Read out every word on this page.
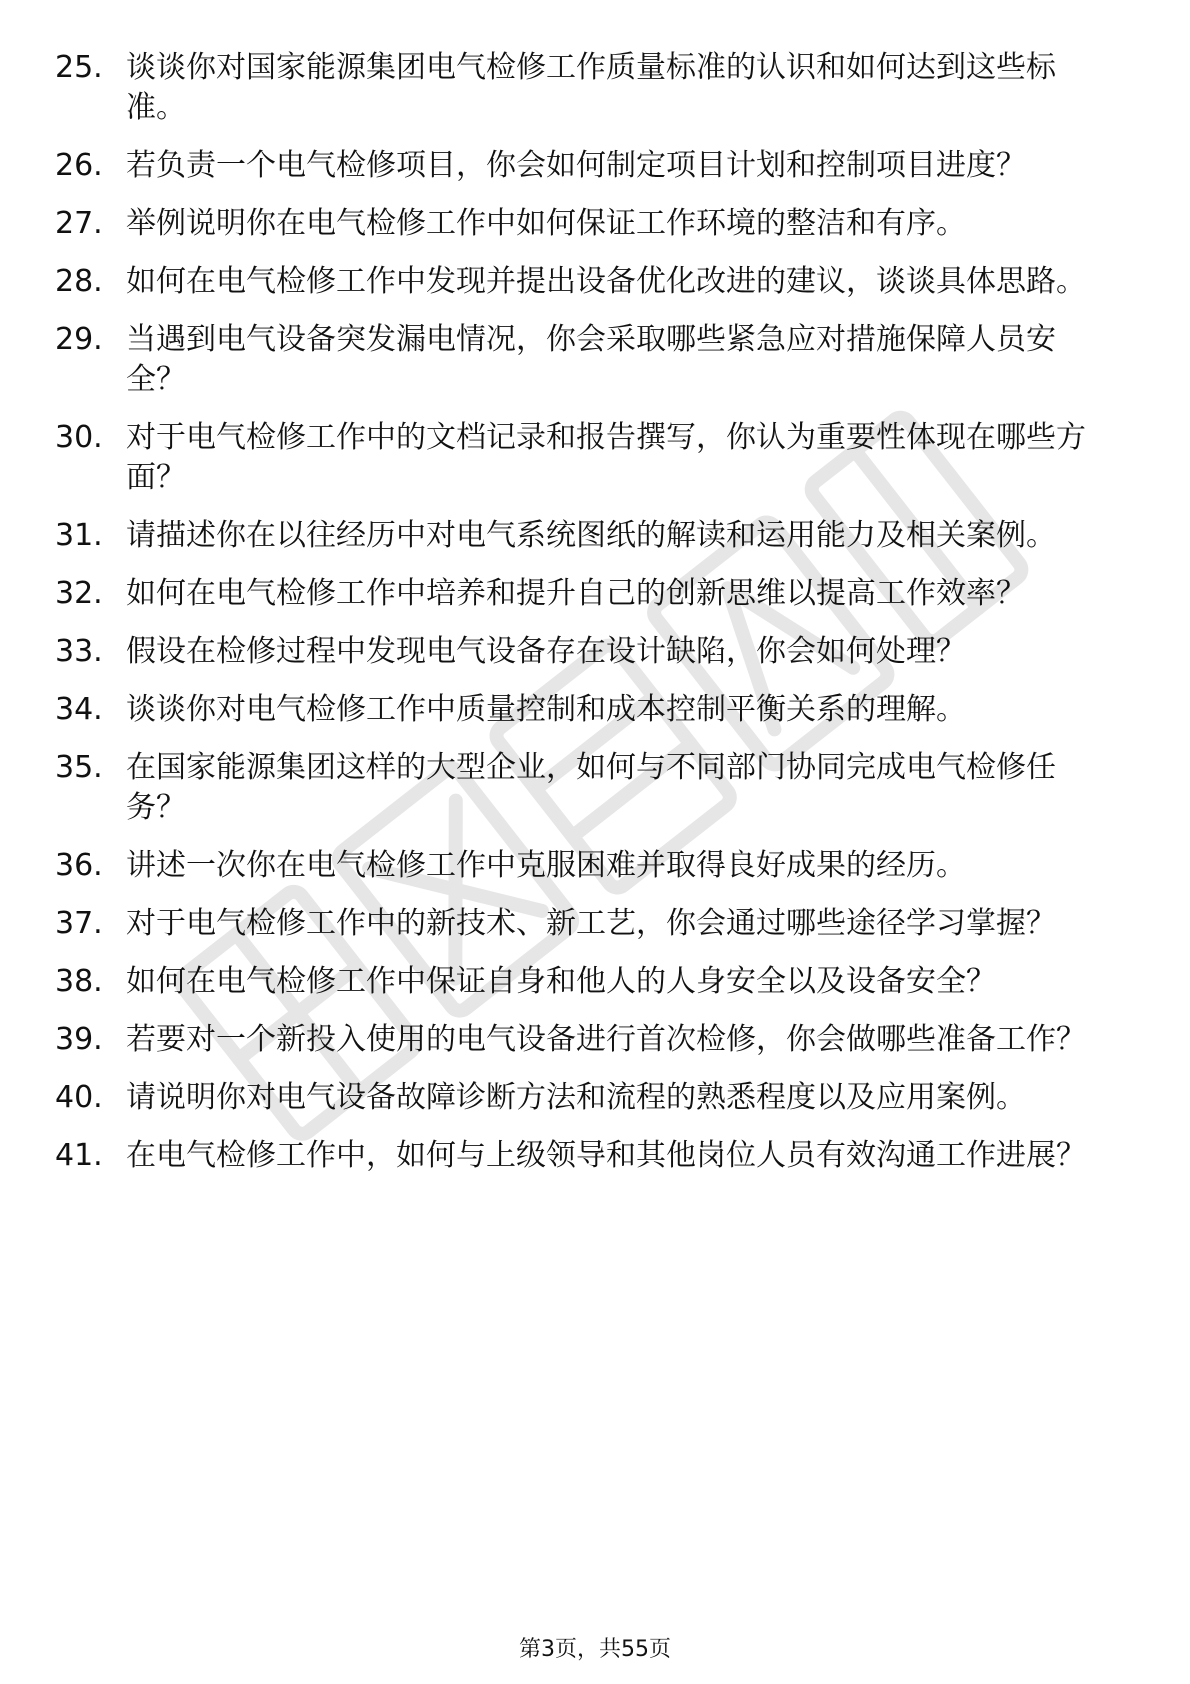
25. 谈谈你对国家能源集团电气检修工作质量标准的认识和如何达到这些标准。
26. 若负责一个电气检修项目，你会如何制定项目计划和控制项目进度？
27. 举例说明你在电气检修工作中如何保证工作环境的整洁和有序。
28. 如何在电气检修工作中发现并提出设备优化改进的建议，谈谈具体思路。
29. 当遇到电气设备突发漏电情况，你会采取哪些紧急应对措施保障人员安全？
30. 对于电气检修工作中的文档记录和报告撰写，你认为重要性体现在哪些方面？
31. 请描述你在以往经历中对电气系统图纸的解读和运用能力及相关案例。
32. 如何在电气检修工作中培养和提升自己的创新思维以提高工作效率？
33. 假设在检修过程中发现电气设备存在设计缺陷，你会如何处理？
34. 谈谈你对电气检修工作中质量控制和成本控制平衡关系的理解。
35. 在国家能源集团这样的大型企业，如何与不同部门协同完成电气检修任务？
36. 讲述一次你在电气检修工作中克服困难并取得良好成果的经历。
37. 对于电气检修工作中的新技术、新工艺，你会通过哪些途径学习掌握？
38. 如何在电气检修工作中保证自身和他人的人身安全以及设备安全？
39. 若要对一个新投入使用的电气设备进行首次检修，你会做哪些准备工作？
40. 请说明你对电气设备故障诊断方法和流程的熟悉程度以及应用案例。
41. 在电气检修工作中，如何与上级领导和其他岗位人员有效沟通工作进展？
第3页，共55页
